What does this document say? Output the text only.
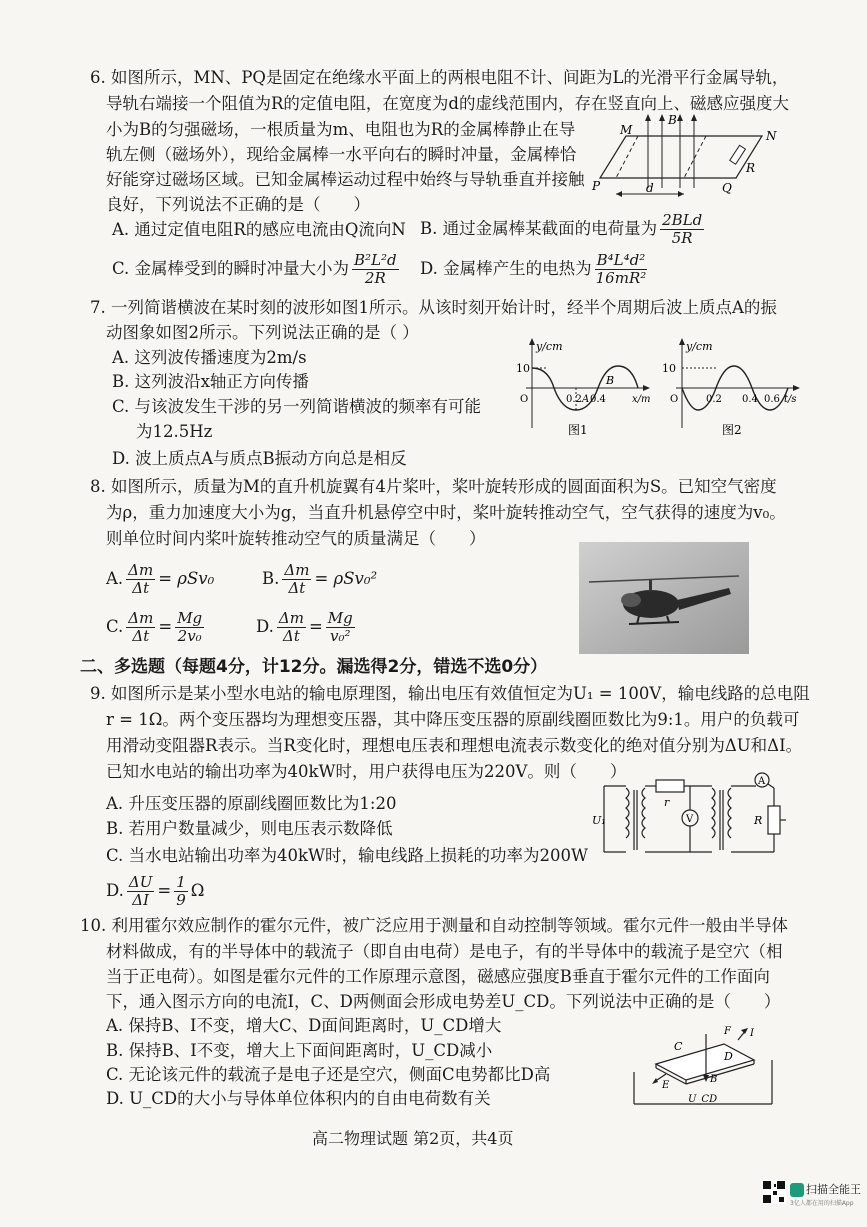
6. 如图所示，MN、PQ是固定在绝缘水平面上的两根电阻不计、间距为L的光滑平行金属导轨，
导轨右端接一个阻值为R的定值电阻，在宽度为d的虚线范围内，存在竖直向上、磁感应强度大
小为B的匀强磁场，一根质量为m、电阻也为R的金属棒静止在导
轨左侧（磁场外），现给金属棒一水平向右的瞬时冲量，金属棒恰
好能穿过磁场区域。已知金属棒运动过程中始终与导轨垂直并接触
良好，下列说法不正确的是（　　）
M	N
P	Q
R
B
d
A. 通过定值电阻R的感应电流由Q流向N B. 通过金属棒某截面的电荷量为 $\frac{\text{2BLd}}{5R}$
C. 金属棒受到的瞬时冲量大小为 $\frac{\text{B²L²d}}{2R} D$. 金属棒产生的电热为 $\frac{\text{B⁴L⁴d²}}{\text{16mR²}}$
7. 一列简谐横波在某时刻的波形如图1所示。从该时刻开始计时，经半个周期后波上质点A的振
动图象如图2所示。下列说法正确的是（ ）
A. 这列波传播速度为2m/s
B. 这列波沿x轴正方向传播
C. 与该波发生干涉的另一列简谐横波的频率有可能
为12.5Hz
D. 波上质点A与质点B振动方向总是相反
y/cm
10
0.2 A 0.4
B
O	x/m
图1
y/cm
10
O	0.2 0.4 0.6 t/s
图2
8. 如图所示，质量为M的直升机旋翼有4片桨叶，桨叶旋转形成的圆面面积为S。已知空气密度
为ρ，重力加速度大小为g，当直升机悬停空中时，桨叶旋转推动空气，空气获得的速度为v₀。
则单位时间内桨叶旋转推动空气的质量满足（　　）
A. $\frac{\Delta m}{\Delta t} = \rho Sv_0$	B. $\frac{\Delta m}{\Delta t} = \rho Sv_0^2$
C. $\frac{\Delta m}{\Delta t} = \frac{Mg}{\text{2v₀}}$	D. $\frac{\Delta m}{\Delta t} = \frac{Mg}{\text{v₀²}}$
二、多选题（每题4分，计12分。漏选得2分，错选不选0分）
9. 如图所示是某小型水电站的输电原理图，输出电压有效值恒定为U₁ = 100V，输电线路的总电阻
r = 1Ω。两个变压器均为理想变压器，其中降压变压器的原副线圈匝数比为9:1。用户的负载可
用滑动变阻器R表示。当R变化时，理想电压表和理想电流表示数变化的绝对值分别为ΔU和ΔI。
已知水电站的输出功率为40kW时，用户获得电压为220V。则（　　）
A. 升压变压器的原副线圈匝数比为1:20
B. 若用户数量减少，则电压表示数降低
C. 当水电站输出功率为40kW时，输电线路上损耗的功率为200W
D. $\frac{\Delta U}{\Delta I} = \frac{1}{9}$ Ω
U₁
r
V
A
R
10. 利用霍尔效应制作的霍尔元件，被广泛应用于测量和自动控制等领域。霍尔元件一般由半导体
材料做成，有的半导体中的载流子（即自由电荷）是电子，有的半导体中的载流子是空穴（相
当于正电荷）。如图是霍尔元件的工作原理示意图，磁感应强度B垂直于霍尔元件的工作面向
下，通入图示方向的电流I，C、D两侧面会形成电势差U_CD。下列说法中正确的是（　　）
A. 保持B、I不变，增大C、D面间距离时，U_CD增大
B. 保持B、I不变，增大上下面间距离时，U_CD减小
C. 无论该元件的载流子是电子还是空穴，侧面C电势都比D高
D. U_CD的大小与导体单位体积内的自由电荷数有关
C
D
E
F I
B
U_CD
高二物理试题 第2页，共4页
扫描全能王
3亿人都在用的扫描App
